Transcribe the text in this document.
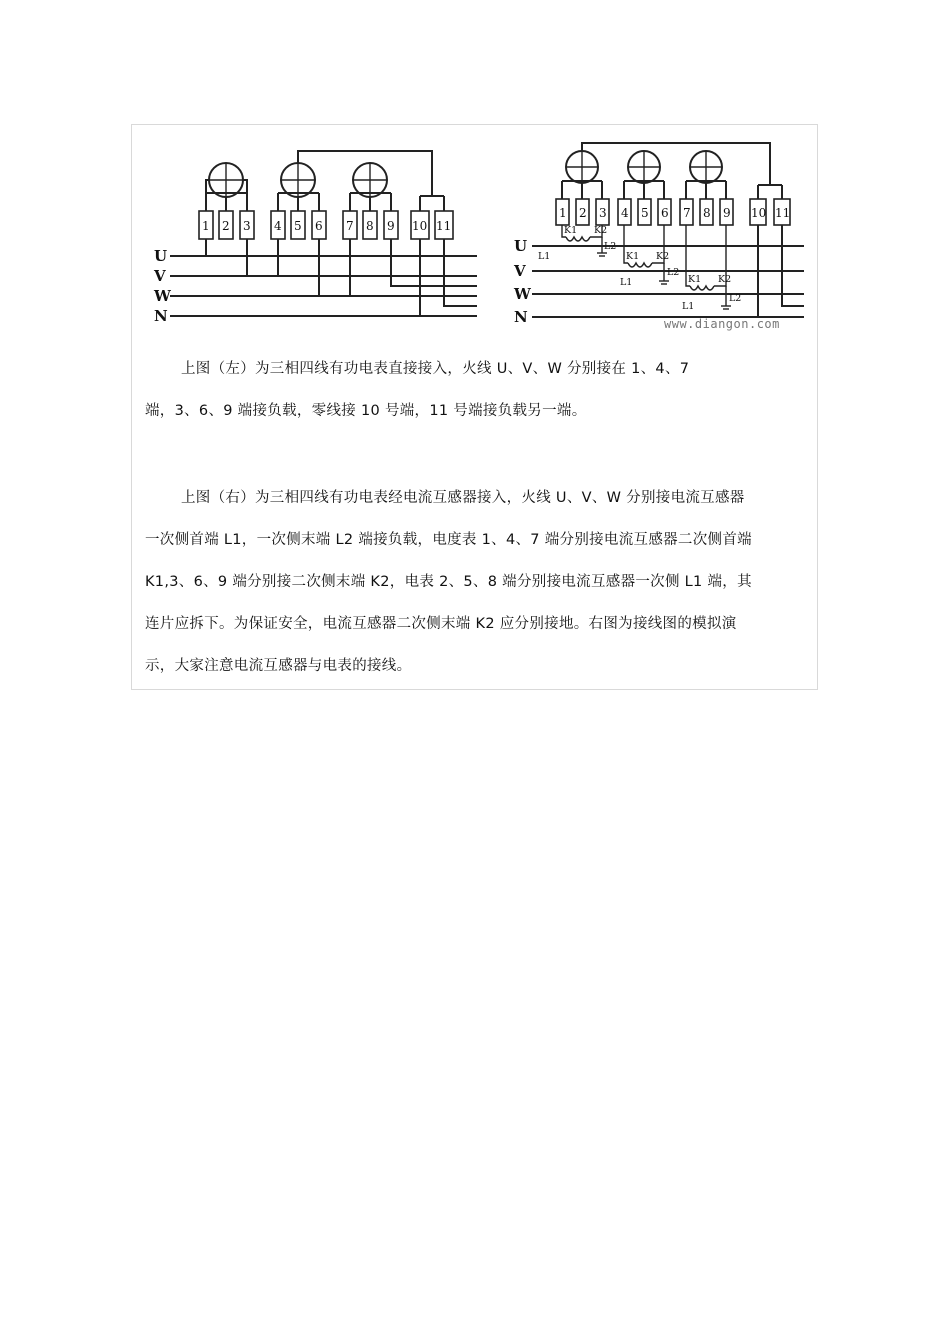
1 2 3 4 5 6 7 8 9 10 11
U
V
W
N
1 2 3 4 5 6 7 8 9 10 11
U
V
W
N
K1 K2
L1
L2
K1 K2
L1
L2
K1 K2
L1
L2
www.diangon.com
上图（左）为三相四线有功电表直接接入，火线 U、V、W 分别接在 1、4、7
端，3、6、9 端接负载，零线接 10 号端，11 号端接负载另一端。
上图（右）为三相四线有功电表经电流互感器接入，火线 U、V、W 分别接电流互感器
一次侧首端 L1，一次侧末端 L2 端接负载，电度表 1、4、7 端分别接电流互感器二次侧首端
K1,3、6、9 端分别接二次侧末端 K2，电表 2、5、8 端分别接电流互感器一次侧 L1 端，其
连片应拆下。为保证安全，电流互感器二次侧末端 K2 应分别接地。右图为接线图的模拟演
示，大家注意电流互感器与电表的接线。
